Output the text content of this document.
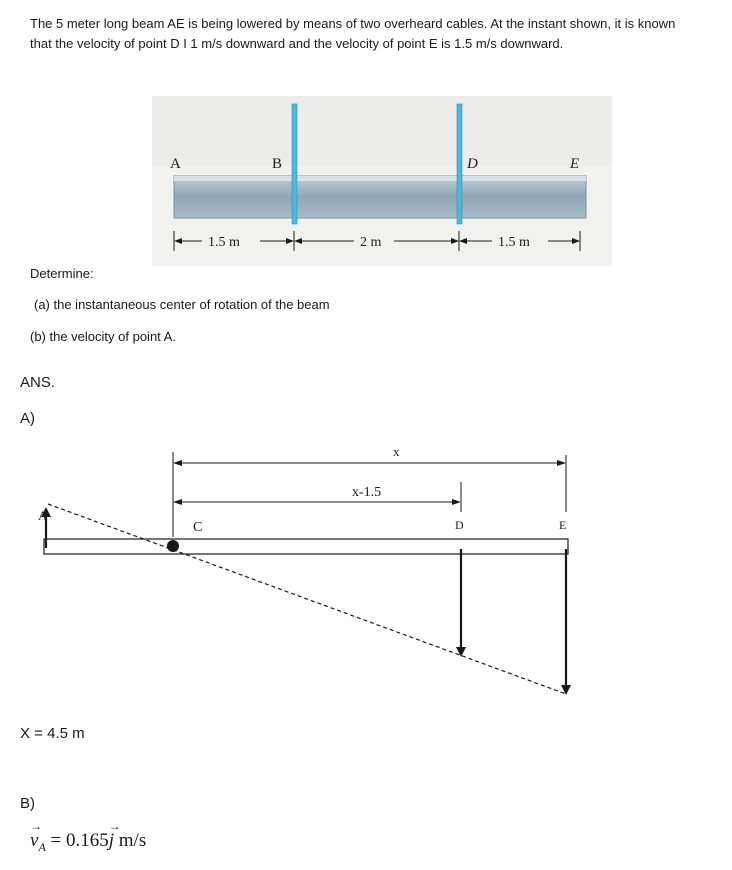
The 5 meter long beam AE is being lowered by means of two overheard cables. At the instant shown, it is known
that the velocity of point D I 1 m/s downward and the velocity of point E is 1.5 m/s downward.
A	B	D	E
1.5 m	2 m	1.5 m
Determine:
(a) the instantaneous center of rotation of the beam
(b) the velocity of point A.
ANS.
A)
A
C
x
x-1.5
D	E
X = 4.5 m
B)
→
$v_A = 0.165$
→
j m/s
